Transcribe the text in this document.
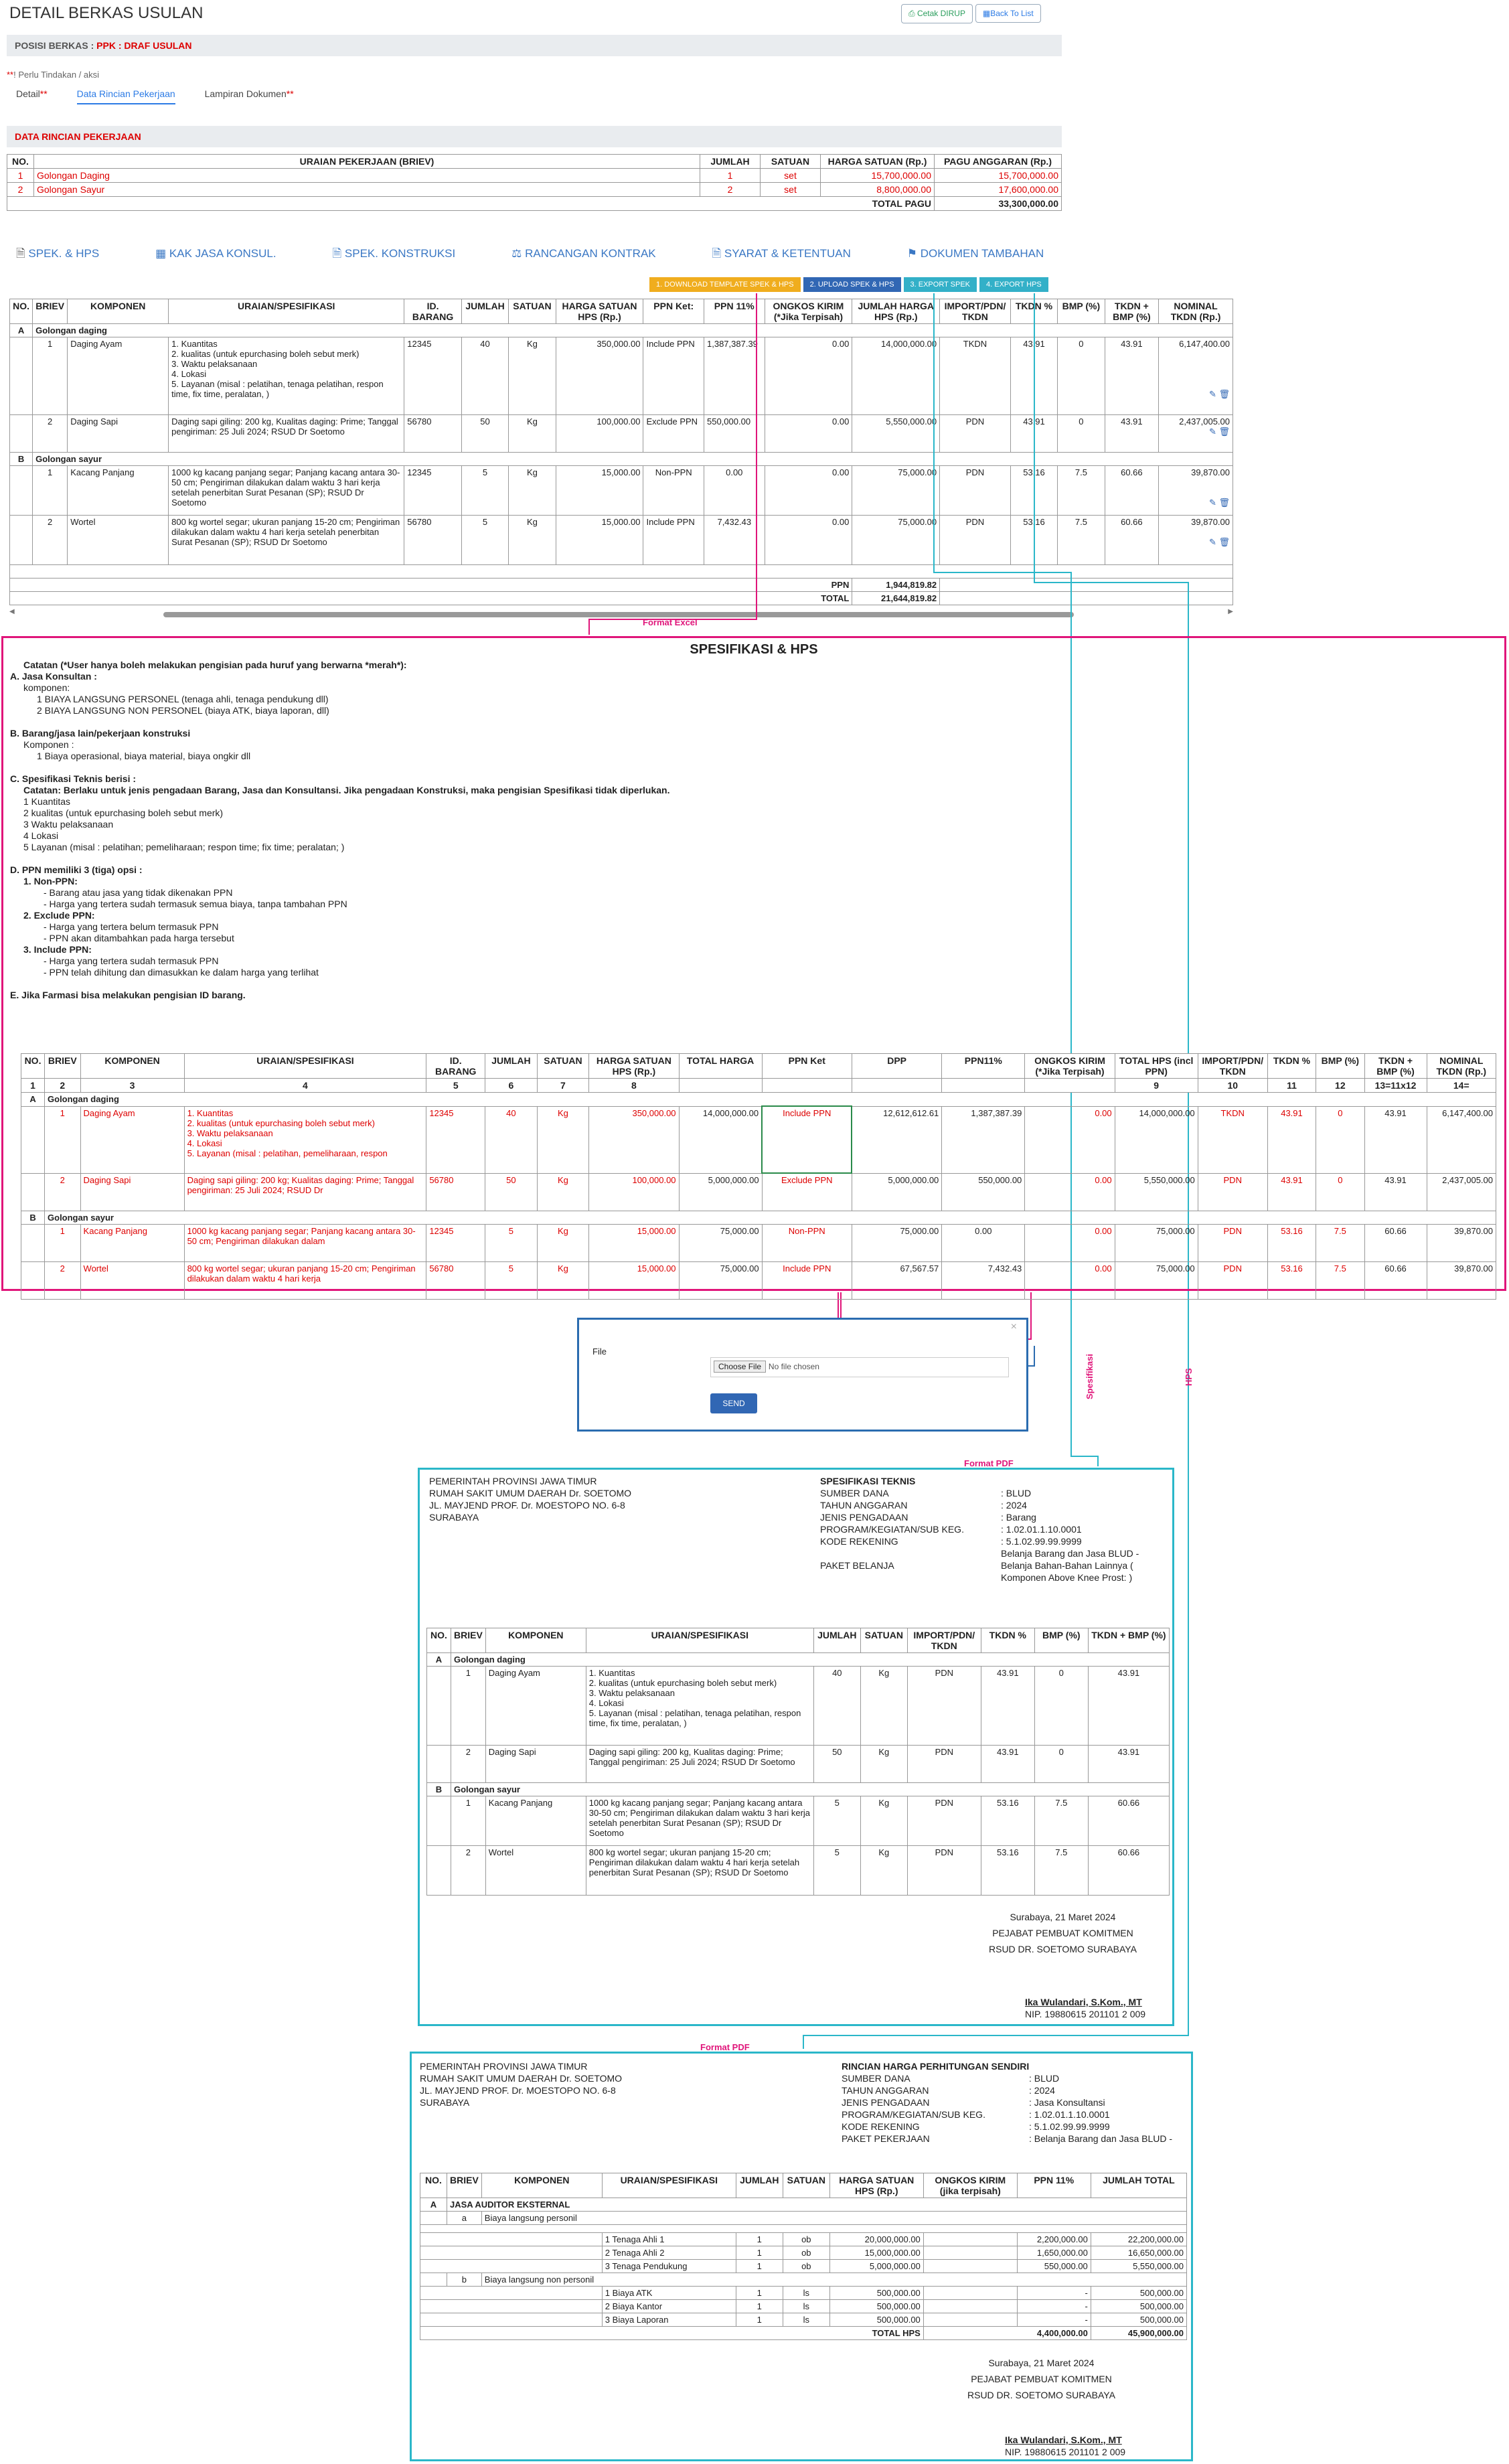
DETAIL BERKAS USULAN	⎙ Cetak DIRUP ▦Back To List
POSISI BERKAS : PPK : DRAF USULAN
**! Perlu Tindakan / aksi
Detail**	Data Rincian Pekerjaan	Lampiran Dokumen**
DATA RINCIAN PEKERJAAN
NO.	URAIAN PEKERJAAN (BRIEV)	JUMLAH	SATUAN	HARGA SATUAN (Rp.)	PAGU ANGGARAN (Rp.)
1	Golongan Daging	1	set	15,700,000.00	15,700,000.00
2	Golongan Sayur	2	set	8,800,000.00	17,600,000.00
TOTAL PAGU					33,300,000.00
🗎 SPEK. & HPS	▦ KAK JASA KONSUL.	🗎 SPEK. KONSTRUKSI	⚖ RANCANGAN KONTRAK	🗎 SYARAT & KETENTUAN	⚑ DOKUMEN TAMBAHAN
1. DOWNLOAD TEMPLATE SPEK & HPS	2. UPLOAD SPEK & HPS	3. EXPORT SPEK	4. EXPORT HPS
NO.	BRIEV	KOMPONEN	URAIAN/SPESIFIKASI	ID. BARANG	JUMLAH	SATUAN	HARGA SATUAN HPS (Rp.)	PPN Ket:	PPN 11%	ONGKOS KIRIM (*Jika Terpisah)	JUMLAH HARGA HPS (Rp.)	IMPORT/PDN/ TKDN	TKDN %	BMP (%)	TKDN + BMP (%)	NOMINAL TKDN (Rp.)
A	Golongan daging															
	1	Daging Ayam	1. Kuantitas
2. kualitas (untuk epurchasing boleh sebut merk)
3. Waktu pelaksanaan
4. Lokasi
5. Layanan (misal : pelatihan, tenaga pelatihan, respon time, fix time, peralatan, )	12345	40	Kg	350,000.00	Include PPN	1,387,387.39	0.00	14,000,000.00	TKDN	43.91	0	43.91	6,147,400.00

✎ 🗑
	2	Daging Sapi	Daging sapi giling: 200 kg, Kualitas daging: Prime; Tanggal pengiriman: 25 Juli 2024; RSUD Dr Soetomo	56780	50	Kg	100,000.00	Exclude PPN	550,000.00	0.00	5,550,000.00	PDN	43.91	0	43.91	2,437,005.00
✎ 🗑
B	Golongan sayur															
	1	Kacang Panjang	1000 kg kacang panjang segar; Panjang kacang antara 30-50 cm; Pengiriman dilakukan dalam waktu 3 hari kerja setelah penerbitan Surat Pesanan (SP); RSUD Dr Soetomo	12345	5	Kg	15,000.00	Non-PPN	0.00	0.00	75,000.00	PDN	53.16	7.5	60.66	39,870.00

✎ 🗑
	2	Wortel	800 kg wortel segar; ukuran panjang 15-20 cm; Pengiriman dilakukan dalam waktu 4 hari kerja setelah penerbitan Surat Pesanan (SP); RSUD Dr Soetomo	56780	5	Kg	15,000.00	Include PPN	7,432.43	0.00	75,000.00	PDN	53.16	7.5	60.66	39,870.00

✎ 🗑

PPN											1,944,819.82					
TOTAL											21,644,819.82					
◀	▶
Format Excel
SPESIFIKASI & HPS
Catatan (*User hanya boleh melakukan pengisian pada huruf yang berwarna *merah*):
A. Jasa Konsultan :
komponen:
1 BIAYA LANGSUNG PERSONEL (tenaga ahli, tenaga pendukung dll)
2 BIAYA LANGSUNG NON PERSONEL (biaya ATK, biaya laporan, dll)
B. Barang/jasa lain/pekerjaan konstruksi
Komponen :
1 Biaya operasional, biaya material, biaya ongkir dll
C. Spesifikasi Teknis berisi :
Catatan: Berlaku untuk jenis pengadaan Barang, Jasa dan Konsultansi. Jika pengadaan Konstruksi, maka pengisian Spesifikasi tidak diperlukan.
1 Kuantitas
2 kualitas (untuk epurchasing boleh sebut merk)
3 Waktu pelaksanaan
4 Lokasi
5 Layanan (misal : pelatihan; pemeliharaan; respon time; fix time; peralatan; )
D. PPN memiliki 3 (tiga) opsi :
1. Non-PPN:
- Barang atau jasa yang tidak dikenakan PPN
- Harga yang tertera sudah termasuk semua biaya, tanpa tambahan PPN
2. Exclude PPN:
- Harga yang tertera belum termasuk PPN
- PPN akan ditambahkan pada harga tersebut
3. Include PPN:
- Harga yang tertera sudah termasuk PPN
- PPN telah dihitung dan dimasukkan ke dalam harga yang terlihat
E. Jika Farmasi bisa melakukan pengisian ID barang.
NO.	BRIEV	KOMPONEN	URAIAN/SPESIFIKASI	ID. BARANG	JUMLAH	SATUAN	HARGA SATUAN HPS (Rp.)	TOTAL HARGA	PPN Ket	DPP	PPN11%	ONGKOS KIRIM (*Jika Terpisah)	TOTAL HPS (incl PPN)	IMPORT/PDN/ TKDN	TKDN %	BMP (%)	TKDN + BMP (%)	NOMINAL TKDN (Rp.)
1	2	3	4	5	6	7	8						9	10	11	12	13=11x12	14=
A	Golongan daging																	
	1	Daging Ayam	1. Kuantitas
2. kualitas (untuk epurchasing boleh sebut merk)
3. Waktu pelaksanaan
4. Lokasi
5. Layanan (misal : pelatihan, pemeliharaan, respon	12345	40	Kg	350,000.00	14,000,000.00	Include PPN	12,612,612.61	1,387,387.39	0.00	14,000,000.00	TKDN	43.91	0	43.91	6,147,400.00
	2	Daging Sapi	Daging sapi giling: 200 kg; Kualitas daging: Prime; Tanggal pengiriman: 25 Juli 2024; RSUD Dr	56780	50	Kg	100,000.00	5,000,000.00	Exclude PPN	5,000,000.00	550,000.00	0.00	5,550,000.00	PDN	43.91	0	43.91	2,437,005.00
B	Golongan sayur																	
	1	Kacang Panjang	1000 kg kacang panjang segar; Panjang kacang antara 30-50 cm; Pengiriman dilakukan dalam	12345	5	Kg	15,000.00	75,000.00	Non-PPN	75,000.00	0.00	0.00	75,000.00	PDN	53.16	7.5	60.66	39,870.00
	2	Wortel	800 kg wortel segar; ukuran panjang 15-20 cm; Pengiriman dilakukan dalam waktu 4 hari kerja	56780	5	Kg	15,000.00	75,000.00	Include PPN	67,567.57	7,432.43	0.00	75,000.00	PDN	53.16	7.5	60.66	39,870.00
×
File
Choose File No file chosen
SEND
Spesifikasi	HPS
Format PDF
PEMERINTAH PROVINSI JAWA TIMUR
RUMAH SAKIT UMUM DAERAH Dr. SOETOMO
JL. MAYJEND PROF. Dr. MOESTOPO NO. 6-8
SURABAYA
SPESIFIKASI TEKNIS
SUMBER DANA	: BLUD
TAHUN ANGGARAN	: 2024
JENIS PENGADAAN	: Barang
PROGRAM/KEGIATAN/SUB KEG.	: 1.02.01.1.10.0001
KODE REKENING	: 5.1.02.99.99.9999
Belanja Barang dan Jasa BLUD -
PAKET BELANJA	Belanja Bahan-Bahan Lainnya (
Komponen Above Knee Prost: )
NO.	BRIEV	KOMPONEN	URAIAN/SPESIFIKASI	JUMLAH	SATUAN	IMPORT/PDN/ TKDN	TKDN %	BMP (%)	TKDN + BMP (%)
A	Golongan daging								
	1	Daging Ayam	1. Kuantitas
2. kualitas (untuk epurchasing boleh sebut merk)
3. Waktu pelaksanaan
4. Lokasi
5. Layanan (misal : pelatihan, tenaga pelatihan, respon time, fix time, peralatan, )	40	Kg	PDN	43.91	0	43.91
	2	Daging Sapi	Daging sapi giling: 200 kg, Kualitas daging: Prime; Tanggal pengiriman: 25 Juli 2024; RSUD Dr Soetomo	50	Kg	PDN	43.91	0	43.91
B	Golongan sayur								
	1	Kacang Panjang	1000 kg kacang panjang segar; Panjang kacang antara 30-50 cm; Pengiriman dilakukan dalam waktu 3 hari kerja setelah penerbitan Surat Pesanan (SP); RSUD Dr Soetomo	5	Kg	PDN	53.16	7.5	60.66
	2	Wortel	800 kg wortel segar; ukuran panjang 15-20 cm; Pengiriman dilakukan dalam waktu 4 hari kerja setelah penerbitan Surat Pesanan (SP); RSUD Dr Soetomo	5	Kg	PDN	53.16	7.5	60.66
Surabaya, 21 Maret 2024
PEJABAT PEMBUAT KOMITMEN
RSUD DR. SOETOMO SURABAYA
Ika Wulandari, S.Kom., MT
NIP. 19880615 201101 2 009
Format PDF
PEMERINTAH PROVINSI JAWA TIMUR
RUMAH SAKIT UMUM DAERAH Dr. SOETOMO
JL. MAYJEND PROF. Dr. MOESTOPO NO. 6-8
SURABAYA
RINCIAN HARGA PERHITUNGAN SENDIRI
SUMBER DANA	: BLUD
TAHUN ANGGARAN	: 2024
JENIS PENGADAAN	: Jasa Konsultansi
PROGRAM/KEGIATAN/SUB KEG.	: 1.02.01.1.10.0001
KODE REKENING	: 5.1.02.99.99.9999
PAKET PEKERJAAN	: Belanja Barang dan Jasa BLUD -
NO.	BRIEV	KOMPONEN	URAIAN/SPESIFIKASI	JUMLAH	SATUAN	HARGA SATUAN HPS (Rp.)	ONGKOS KIRIM (jika terpisah)	PPN 11%	JUMLAH TOTAL
A	JASA AUDITOR EKSTERNAL								
	a	Biaya langsung personil							

			1 Tenaga Ahli 1	1	ob	20,000,000.00		2,200,000.00	22,200,000.00
			2 Tenaga Ahli 2	1	ob	15,000,000.00		1,650,000.00	16,650,000.00
			3 Tenaga Pendukung	1	ob	5,000,000.00		550,000.00	5,550,000.00
	b	Biaya langsung non personil							
			1 Biaya ATK	1	ls	500,000.00		-	500,000.00
			2 Biaya Kantor	1	ls	500,000.00		-	500,000.00
			3 Biaya Laporan	1	ls	500,000.00		-	500,000.00
TOTAL HPS							4,400,000.00		45,900,000.00
Surabaya, 21 Maret 2024
PEJABAT PEMBUAT KOMITMEN
RSUD DR. SOETOMO SURABAYA
Ika Wulandari, S.Kom., MT
NIP. 19880615 201101 2 009
